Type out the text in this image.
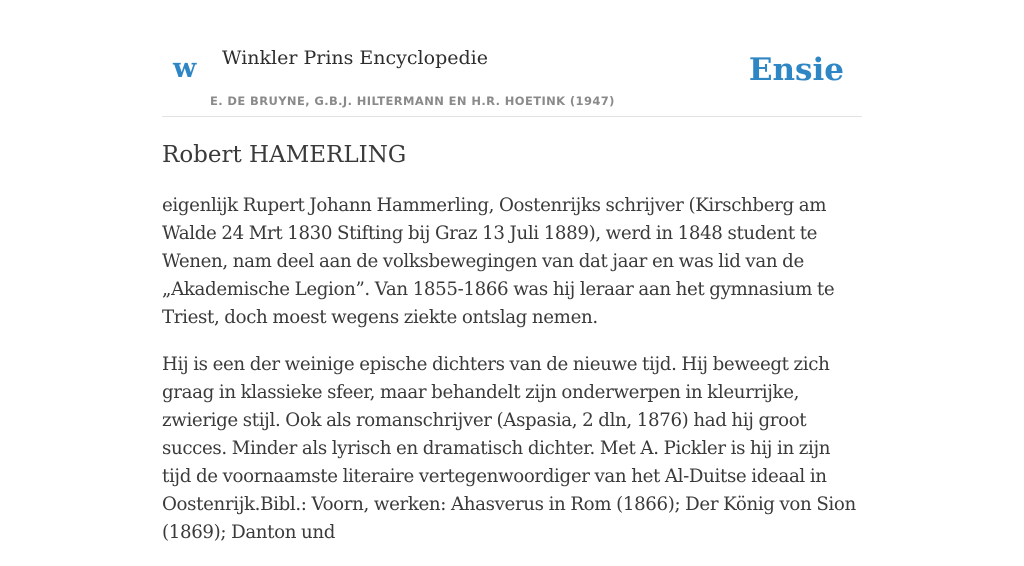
w Winkler Prins Encyclopedie
E. DE BRUYNE, G.B.J. HILTERMANN EN H.R. HOETINK (1947)
Ensie
Robert HAMERLING

eigenlijk Rupert Johann Hammerling, Oostenrijks schrijver (Kirschberg am Walde 24 Mrt 1830 Stifting bij Graz 13 Juli 1889), werd in 1848 student te Wenen, nam deel aan de volksbewegingen van dat jaar en was lid van de „Akademische Legion”. Van 1855-1866 was hij leraar aan het gymnasium te Triest, doch moest wegens ziekte ontslag nemen.

Hij is een der weinige epische dichters van de nieuwe tijd. Hij beweegt zich graag in klassieke sfeer, maar behandelt zijn onderwerpen in kleurrijke, zwierige stijl. Ook als romanschrijver (Aspasia, 2 dln, 1876) had hij groot succes. Minder als lyrisch en dramatisch dichter. Met A. Pickler is hij in zijn tijd de voornaamste literaire vertegenwoordiger van het Al-Duitse ideaal in Oostenrijk.Bibl.: Voorn, werken: Ahasverus in Rom (1866); Der König von Sion (1869); Danton und
